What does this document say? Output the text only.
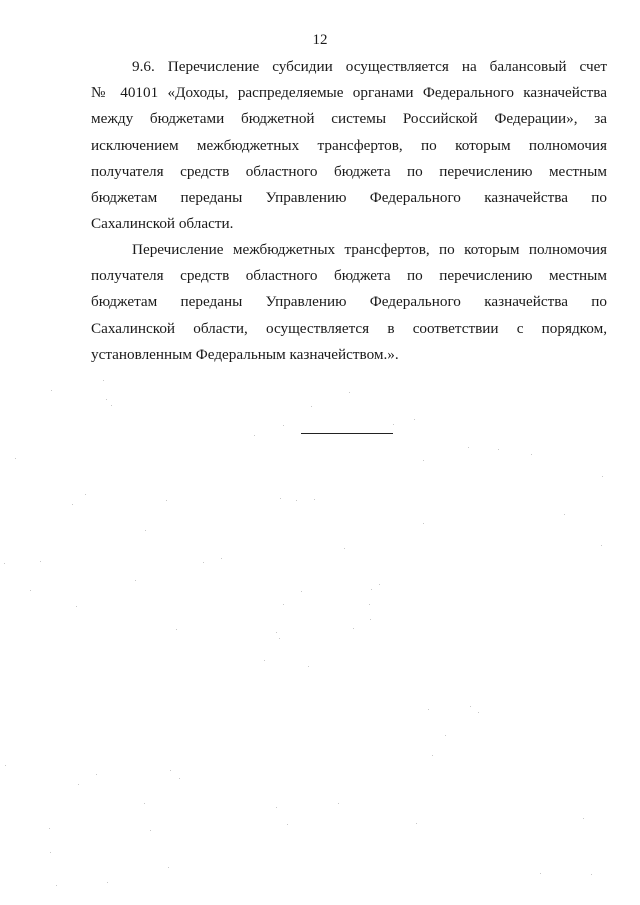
12
9.6. Перечисление субсидии осуществляется на балансовый счет
№ 40101 «Доходы, распределяемые органами Федерального казначейства
между бюджетами бюджетной системы Российской Федерации», за
исключением межбюджетных трансфертов, по которым полномочия
получателя средств областного бюджета по перечислению местным
бюджетам переданы Управлению Федерального казначейства по
Сахалинской области.
Перечисление межбюджетных трансфертов, по которым полномочия
получателя средств областного бюджета по перечислению местным
бюджетам переданы Управлению Федерального казначейства по
Сахалинской области, осуществляется в соответствии с порядком,
установленным Федеральным казначейством.».
